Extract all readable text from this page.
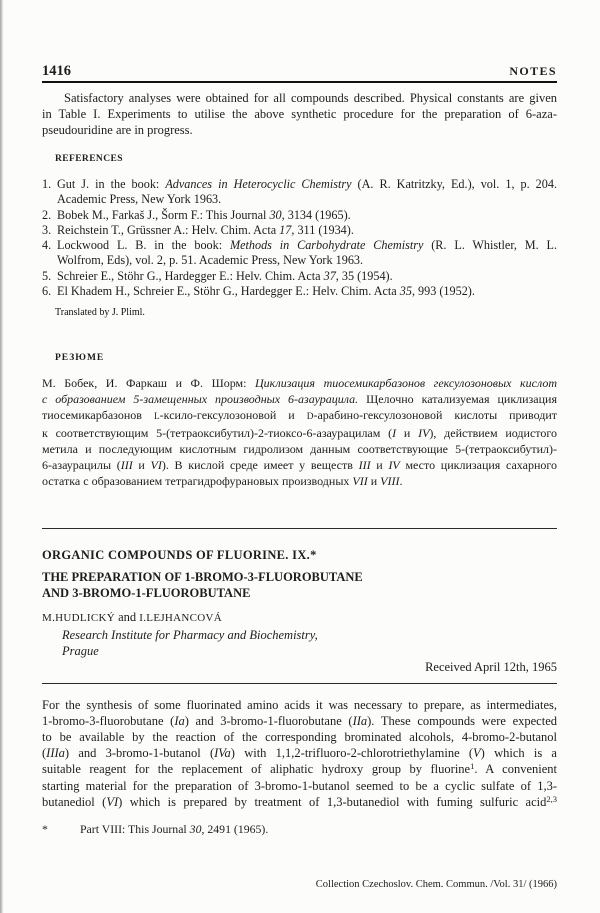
1416	NOTES
Satisfactory analyses were obtained for all compounds described. Physical constants are given
in Table I. Experiments to utilise the above synthetic procedure for the preparation of 6-aza-
pseudouridine are in progress.
REFERENCES
1. Gut J. in the book: Advances in Heterocyclic Chemistry (A. R. Katritzky, Ed.), vol. 1, p. 204.
Academic Press, New York 1963.
2. Bobek M., Farkaš J., Šorm F.: This Journal 30, 3134 (1965).
3. Reichstein T., Grüssner A.: Helv. Chim. Acta 17, 311 (1934).
4. Lockwood L. B. in the book: Methods in Carbohydrate Chemistry (R. L. Whistler, M. L.
Wolfrom, Eds), vol. 2, p. 51. Academic Press, New York 1963.
5. Schreier E., Stöhr G., Hardegger E.: Helv. Chim. Acta 37, 35 (1954).
6. El Khadem H., Schreier E., Stöhr G., Hardegger E.: Helv. Chim. Acta 35, 993 (1952).
Translated by J. Pliml.
РЕЗЮМЕ
М. Бобек, И. Фаркаш и Ф. Шорм: Циклизация тиосемикарбазонов гексулозоновых кислот
с образованием 5-замещенных производных 6-азаурацила. Щелочно катализуемая циклизация
тиосемикарбазонов L-ксило-гексулозоновой и D-арабино-гексулозоновой кислоты приводит
к соответствующим 5-(тетраоксибутил)-2-тиоксо-6-азаурацилам (I и IV), действием иодистого
метила и последующим кислотным гидролизом данным соответствующие 5-(тетраоксибутил)-
6-азаурацилы (III и VI). В кислой среде имеет у веществ III и IV место циклизация сахарного
остатка с образованием тетрагидрофурановых производных VII и VIII.
ORGANIC COMPOUNDS OF FLUORINE. IX.*
THE PREPARATION OF 1-BROMO-3-FLUOROBUTANE
AND 3-BROMO-1-FLUOROBUTANE
M.HUDLICKÝ and I.LEJHANCOVÁ
Research Institute for Pharmacy and Biochemistry,
Prague
Received April 12th, 1965
For the synthesis of some fluorinated amino acids it was necessary to prepare, as intermediates,
1-bromo-3-fluorobutane (Ia) and 3-bromo-1-fluorobutane (IIa). These compounds were expected
to be available by the reaction of the corresponding brominated alcohols, 4-bromo-2-butanol
(IIIa) and 3-bromo-1-butanol (IVa) with 1,1,2-trifluoro-2-chlorotriethylamine (V) which is a
suitable reagent for the replacement of aliphatic hydroxy group by fluorine$^1$. A convenient
starting material for the preparation of 3-bromo-1-butanol seemed to be a cyclic sulfate of 1,3-
butanediol (VI) which is prepared by treatment of 1,3-butanediol with fuming sulfuric acid$^{2,3}$
*	Part VIII: This Journal 30, 2491 (1965).
Collection Czechoslov. Chem. Commun. /Vol. 31/ (1966)
